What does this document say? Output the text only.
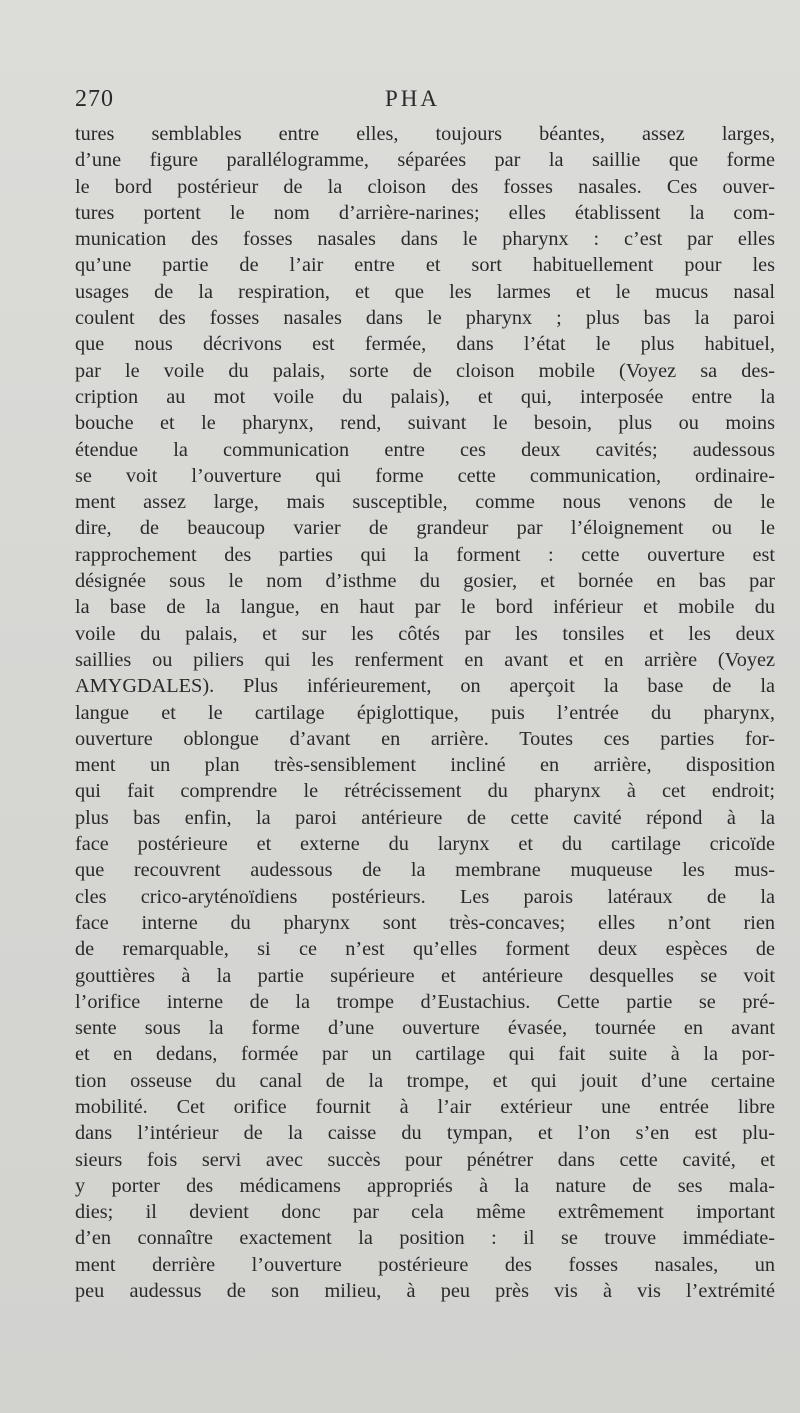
270	PHA
tures semblables entre elles, toujours béantes, assez larges,
d’une figure parallélogramme, séparées par la saillie que forme
le bord postérieur de la cloison des fosses nasales. Ces ouver-
tures portent le nom d’arrière-narines; elles établissent la com-
munication des fosses nasales dans le pharynx : c’est par elles
qu’une partie de l’air entre et sort habituellement pour les
usages de la respiration, et que les larmes et le mucus nasal
coulent des fosses nasales dans le pharynx ; plus bas la paroi
que nous décrivons est fermée, dans l’état le plus habituel,
par le voile du palais, sorte de cloison mobile (Voyez sa des-
cription au mot voile du palais), et qui, interposée entre la
bouche et le pharynx, rend, suivant le besoin, plus ou moins
étendue la communication entre ces deux cavités; audessous
se voit l’ouverture qui forme cette communication, ordinaire-
ment assez large, mais susceptible, comme nous venons de le
dire, de beaucoup varier de grandeur par l’éloignement ou le
rapprochement des parties qui la forment : cette ouverture est
désignée sous le nom d’isthme du gosier, et bornée en bas par
la base de la langue, en haut par le bord inférieur et mobile du
voile du palais, et sur les côtés par les tonsiles et les deux
saillies ou piliers qui les renferment en avant et en arrière (Voyez
AMYGDALES). Plus inférieurement, on aperçoit la base de la
langue et le cartilage épiglottique, puis l’entrée du pharynx,
ouverture oblongue d’avant en arrière. Toutes ces parties for-
ment un plan très-sensiblement incliné en arrière, disposition
qui fait comprendre le rétrécissement du pharynx à cet endroit;
plus bas enfin, la paroi antérieure de cette cavité répond à la
face postérieure et externe du larynx et du cartilage cricoïde
que recouvrent audessous de la membrane muqueuse les mus-
cles crico-aryténoïdiens postérieurs. Les parois latéraux de la
face interne du pharynx sont très-concaves; elles n’ont rien
de remarquable, si ce n’est qu’elles forment deux espèces de
gouttières à la partie supérieure et antérieure desquelles se voit
l’orifice interne de la trompe d’Eustachius. Cette partie se pré-
sente sous la forme d’une ouverture évasée, tournée en avant
et en dedans, formée par un cartilage qui fait suite à la por-
tion osseuse du canal de la trompe, et qui jouit d’une certaine
mobilité. Cet orifice fournit à l’air extérieur une entrée libre
dans l’intérieur de la caisse du tympan, et l’on s’en est plu-
sieurs fois servi avec succès pour pénétrer dans cette cavité, et
y porter des médicamens appropriés à la nature de ses mala-
dies; il devient donc par cela même extrêmement important
d’en connaître exactement la position : il se trouve immédiate-
ment derrière l’ouverture postérieure des fosses nasales, un
peu audessus de son milieu, à peu près vis à vis l’extrémité
